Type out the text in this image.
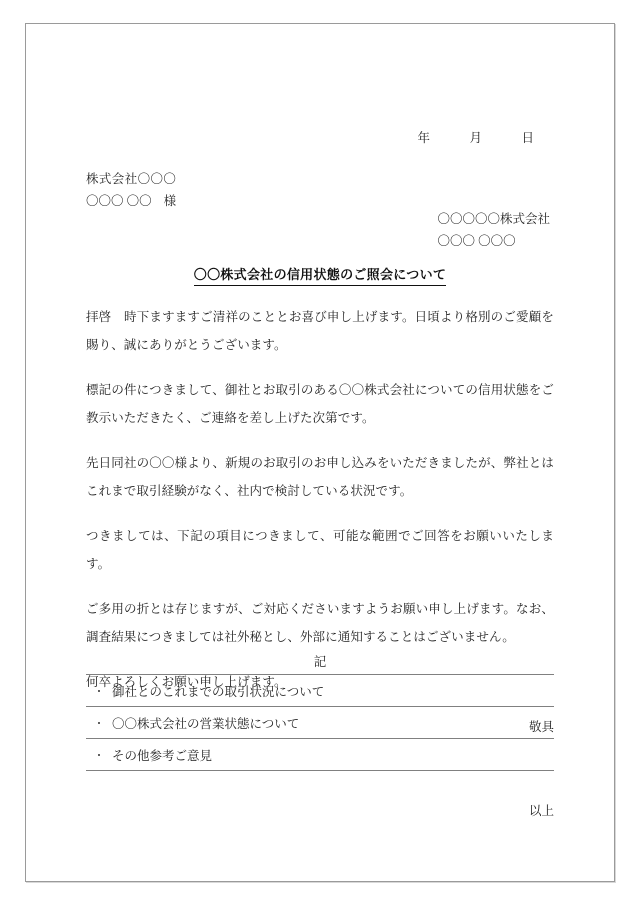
年	月	日
株式会社〇〇〇
〇〇〇 〇〇 様
〇〇〇〇〇株式会社
〇〇〇 〇〇〇
〇〇株式会社の信用状態のご照会について

拝啓　時下ますますご清祥のこととお喜び申し上げます。日頃より格別のご愛顧を賜り、誠にありがとうございます。

標記の件につきまして、御社とお取引のある〇〇株式会社についての信用状態をご教示いただきたく、ご連絡を差し上げた次第です。

先日同社の〇〇様より、新規のお取引のお申し込みをいただきましたが、弊社とはこれまで取引経験がなく、社内で検討している状況です。

つきましては、下記の項目につきまして、可能な範囲でご回答をお願いいたします。

ご多用の折とは存じますが、ご対応くださいますようお願い申し上げます。なお、調査結果につきましては社外秘とし、外部に通知することはございません。

何卒よろしくお願い申し上げます。

敬具

記
・ 御社とのこれまでの取引状況について
・ 〇〇株式会社の営業状態について
・ その他参考ご意見
以上
